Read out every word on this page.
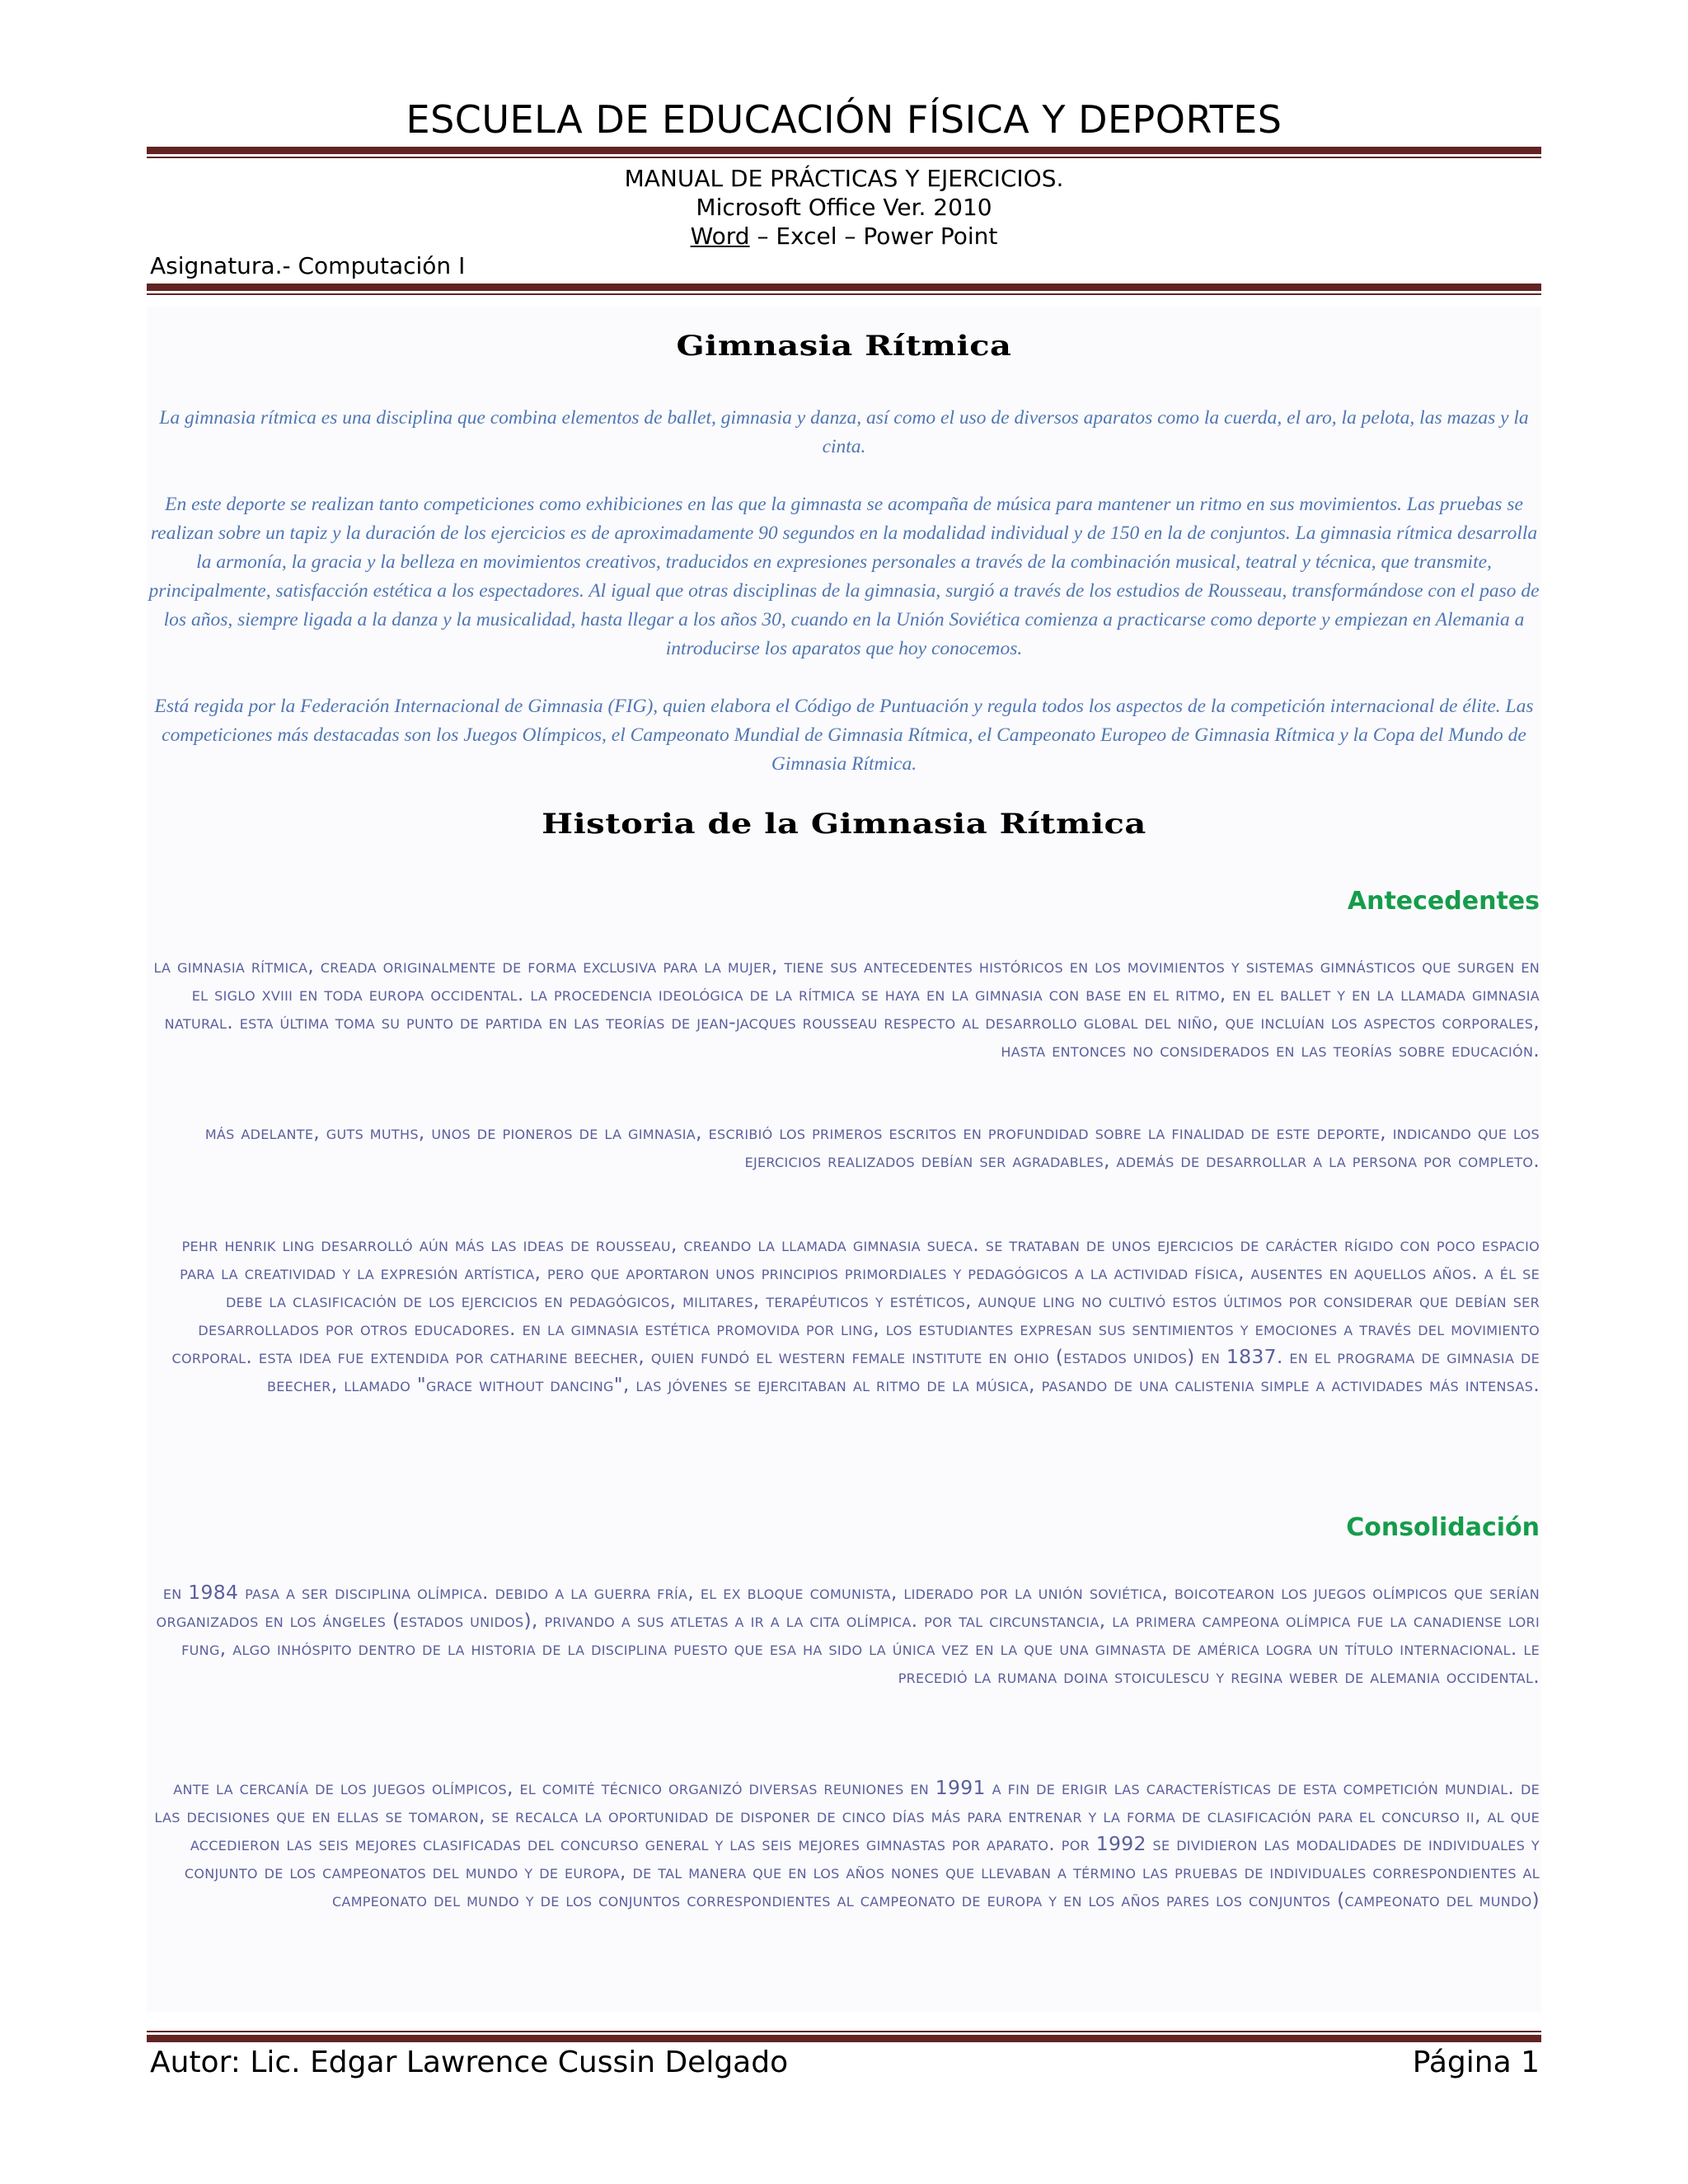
ESCUELA DE EDUCACIÓN FÍSICA Y DEPORTES
MANUAL DE PRÁCTICAS Y EJERCICIOS.
Microsoft Office Ver. 2010
Word – Excel – Power Point
Asignatura.- Computación I
Gimnasia Rítmica
La gimnasia rítmica es una disciplina que combina elementos de ballet, gimnasia y danza, así como el uso de diversos aparatos como la cuerda, el aro, la pelota, las mazas y la cinta.
En este deporte se realizan tanto competiciones como exhibiciones en las que la gimnasta se acompaña de música para mantener un ritmo en sus movimientos. Las pruebas se realizan sobre un tapiz y la duración de los ejercicios es de aproximadamente 90 segundos en la modalidad individual y de 150 en la de conjuntos. La gimnasia rítmica desarrolla la armonía, la gracia y la belleza en movimientos creativos, traducidos en expresiones personales a través de la combinación musical, teatral y técnica, que transmite, principalmente, satisfacción estética a los espectadores. Al igual que otras disciplinas de la gimnasia, surgió a través de los estudios de Rousseau, transformándose con el paso de los años, siempre ligada a la danza y la musicalidad, hasta llegar a los años 30, cuando en la Unión Soviética comienza a practicarse como deporte y empiezan en Alemania a introducirse los aparatos que hoy conocemos.
Está regida por la Federación Internacional de Gimnasia (FIG), quien elabora el Código de Puntuación y regula todos los aspectos de la competición internacional de élite. Las competiciones más destacadas son los Juegos Olímpicos, el Campeonato Mundial de Gimnasia Rítmica, el Campeonato Europeo de Gimnasia Rítmica y la Copa del Mundo de Gimnasia Rítmica.
Historia de la Gimnasia Rítmica
Antecedentes
la gimnasia rítmica, creada originalmente de forma exclusiva para la mujer, tiene sus antecedentes históricos en los movimientos y sistemas gimnásticos que surgen en el siglo xviii en toda europa occidental. la procedencia ideológica de la rítmica se haya en la gimnasia con base en el ritmo, en el ballet y en la llamada gimnasia natural. esta última toma su punto de partida en las teorías de jean-jacques rousseau respecto al desarrollo global del niño, que incluían los aspectos corporales, hasta entonces no considerados en las teorías sobre educación.
más adelante, guts muths, unos de pioneros de la gimnasia, escribió los primeros escritos en profundidad sobre la finalidad de este deporte, indicando que los ejercicios realizados debían ser agradables, además de desarrollar a la persona por completo.
pehr henrik ling desarrolló aún más las ideas de rousseau, creando la llamada gimnasia sueca. se trataban de unos ejercicios de carácter rígido con poco espacio para la creatividad y la expresión artística, pero que aportaron unos principios primordiales y pedagógicos a la actividad física, ausentes en aquellos años. a él se debe la clasificación de los ejercicios en pedagógicos, militares, terapéuticos y estéticos, aunque ling no cultivó estos últimos por considerar que debían ser desarrollados por otros educadores. en la gimnasia estética promovida por ling, los estudiantes expresan sus sentimientos y emociones a través del movimiento corporal. esta idea fue extendida por catharine beecher, quien fundó el western female institute en ohio (estados unidos) en 1837. en el programa de gimnasia de beecher, llamado "grace without dancing", las jóvenes se ejercitaban al ritmo de la música, pasando de una calistenia simple a actividades más intensas.
Consolidación
en 1984 pasa a ser disciplina olímpica. debido a la guerra fría, el ex bloque comunista, liderado por la unión soviética, boicotearon los juegos olímpicos que serían organizados en los ángeles (estados unidos), privando a sus atletas a ir a la cita olímpica. por tal circunstancia, la primera campeona olímpica fue la canadiense lori fung, algo inhóspito dentro de la historia de la disciplina puesto que esa ha sido la única vez en la que una gimnasta de américa logra un título internacional. le precedió la rumana doina stoiculescu y regina weber de alemania occidental.
ante la cercanía de los juegos olímpicos, el comité técnico organizó diversas reuniones en 1991 a fin de erigir las características de esta competición mundial. de las decisiones que en ellas se tomaron, se recalca la oportunidad de disponer de cinco días más para entrenar y la forma de clasificación para el concurso ii, al que accedieron las seis mejores clasificadas del concurso general y las seis mejores gimnastas por aparato. por 1992 se dividieron las modalidades de individuales y conjunto de los campeonatos del mundo y de europa, de tal manera que en los años nones que llevaban a término las pruebas de individuales correspondientes al campeonato del mundo y de los conjuntos correspondientes al campeonato de europa y en los años pares los conjuntos (campeonato del mundo)
Autor: Lic. Edgar Lawrence Cussin Delgado	Página 1
